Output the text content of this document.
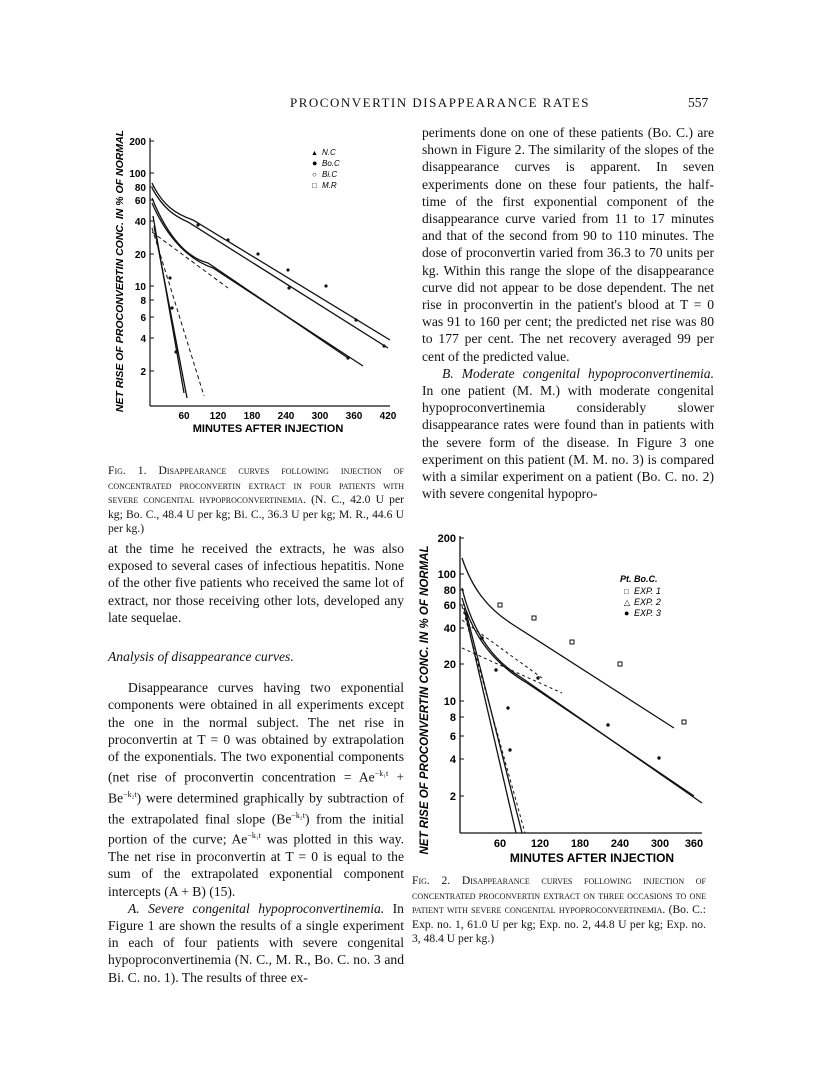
PROCONVERTIN DISAPPEARANCE RATES	557
NET RISE OF PROCONVERTIN CONC. IN % OF NORMAL 200
100
80
60
40
20
10
8
6
4
2
60 120 180 240 300 360 420
MINUTES AFTER INJECTION
▲ N.C
● Bo.C
○ Bi.C
□ M.R
Fig. 1. Disappearance curves following injection of concentrated proconvertin extract in four patients with severe congenital hypoproconvertinemia. (N. C., 42.0 U per kg; Bo. C., 48.4 U per kg; Bi. C., 36.3 U per kg; M. R., 44.6 U per kg.)

at the time he received the extracts, he was also exposed to several cases of infectious hepatitis. None of the other five patients who received the same lot of extract, nor those receiving other lots, developed any late sequelae.

Analysis of disappearance curves.

Disappearance curves having two exponential components were obtained in all experiments except the one in the normal subject. The net rise in proconvertin at T = 0 was obtained by extrapolation of the exponentials. The two exponential components (net rise of proconvertin concentration = $Ae^{-k_1t} + Be^{-k_2t}$) were determined graphically by subtraction of the extrapolated final slope $(Be^{-k_2t})$ from the initial portion of the curve; $Ae^{-k_1t}$ was plotted in this way. The net rise in proconvertin at T = 0 is equal to the sum of the extrapolated exponential component intercepts (A + B) (15).

A. Severe congenital hypoproconvertinemia. In Figure 1 are shown the results of a single experiment in each of four patients with severe congenital hypoproconvertinemia (N. C., M. R., Bo. C. no. 3 and Bi. C. no. 1). The results of three ex-

periments done on one of these patients (Bo. C.) are shown in Figure 2. The similarity of the slopes of the disappearance curves is apparent. In seven experiments done on these four patients, the half-time of the first exponential component of the disappearance curve varied from 11 to 17 minutes and that of the second from 90 to 110 minutes. The dose of proconvertin varied from 36.3 to 70 units per kg. Within this range the slope of the disappearance curve did not appear to be dose dependent. The net rise in proconvertin in the patient's blood at T = 0 was 91 to 160 per cent; the predicted net rise was 80 to 177 per cent. The net recovery averaged 99 per cent of the predicted value.

B. Moderate congenital hypoproconvertinemia. In one patient (M. M.) with moderate congenital hypoproconvertinemia considerably slower disappearance rates were found than in patients with the severe form of the disease. In Figure 3 one experiment on this patient (M. M. no. 3) is compared with a similar experiment on a patient (Bo. C. no. 2) with severe congenital hypopro-

NET RISE OF PROCONVERTIN CONC. IN % OF NORMAL
200
100
80
60
40
20
10
8
6
4
2
60 120 180 240 300 360
MINUTES AFTER INJECTION
Pt. Bo.C.
□ EXP. 1
△ EXP. 2
● EXP. 3
Fig. 2. Disappearance curves following injection of concentrated proconvertin extract on three occasions to one patient with severe congenital hypoproconvertinemia. (Bo. C.: Exp. no. 1, 61.0 U per kg; Exp. no. 2, 44.8 U per kg; Exp. no. 3, 48.4 U per kg.)
